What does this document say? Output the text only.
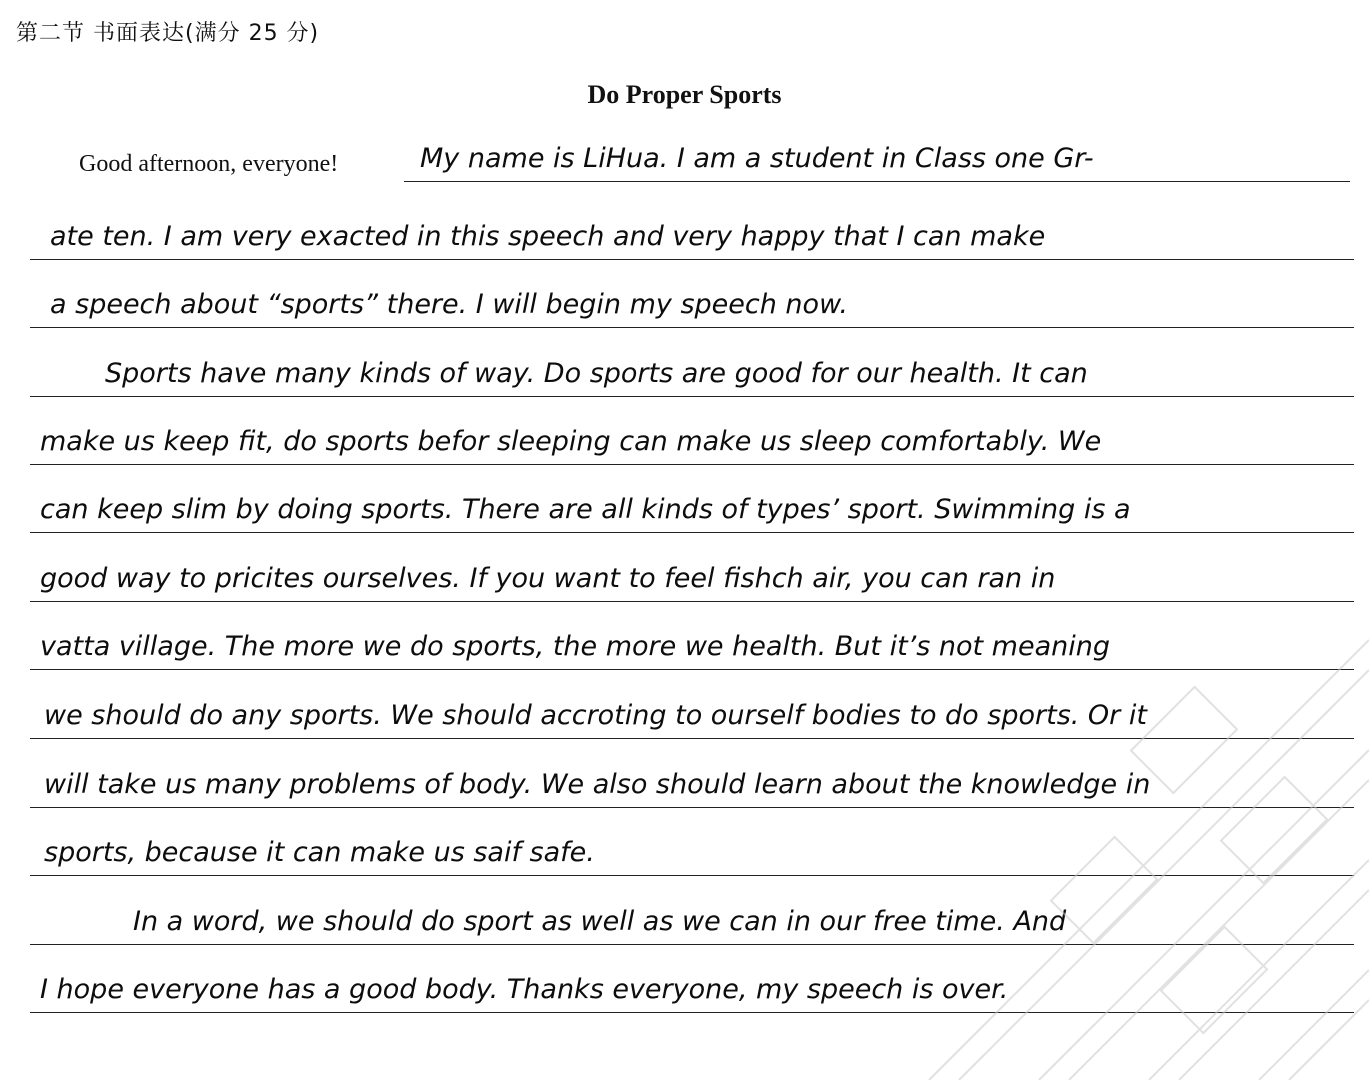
第二节 书面表达(满分 25 分)
Do Proper Sports
Good afternoon, everyone!	My name is LiHua. I am a student in Class one Gr-
ate ten. I am very exacted in this speech and very happy that I can make
a speech about “sports” there. I will begin my speech now.
Sports have many kinds of way. Do sports are good for our health. It can
make us keep fit, do sports befor sleeping can make us sleep comfortably. We
can keep slim by doing sports. There are all kinds of types’ sport. Swimming is a
good way to pricites ourselves. If you want to feel fishch air, you can ran in
vatta village. The more we do sports, the more we health. But it’s not meaning
we should do any sports. We should accroting to ourself bodies to do sports. Or it
will take us many problems of body. We also should learn about the knowledge in
sports, because it can make us saif safe.
In a word, we should do sport as well as we can in our free time. And
I hope everyone has a good body. Thanks everyone, my speech is over.
